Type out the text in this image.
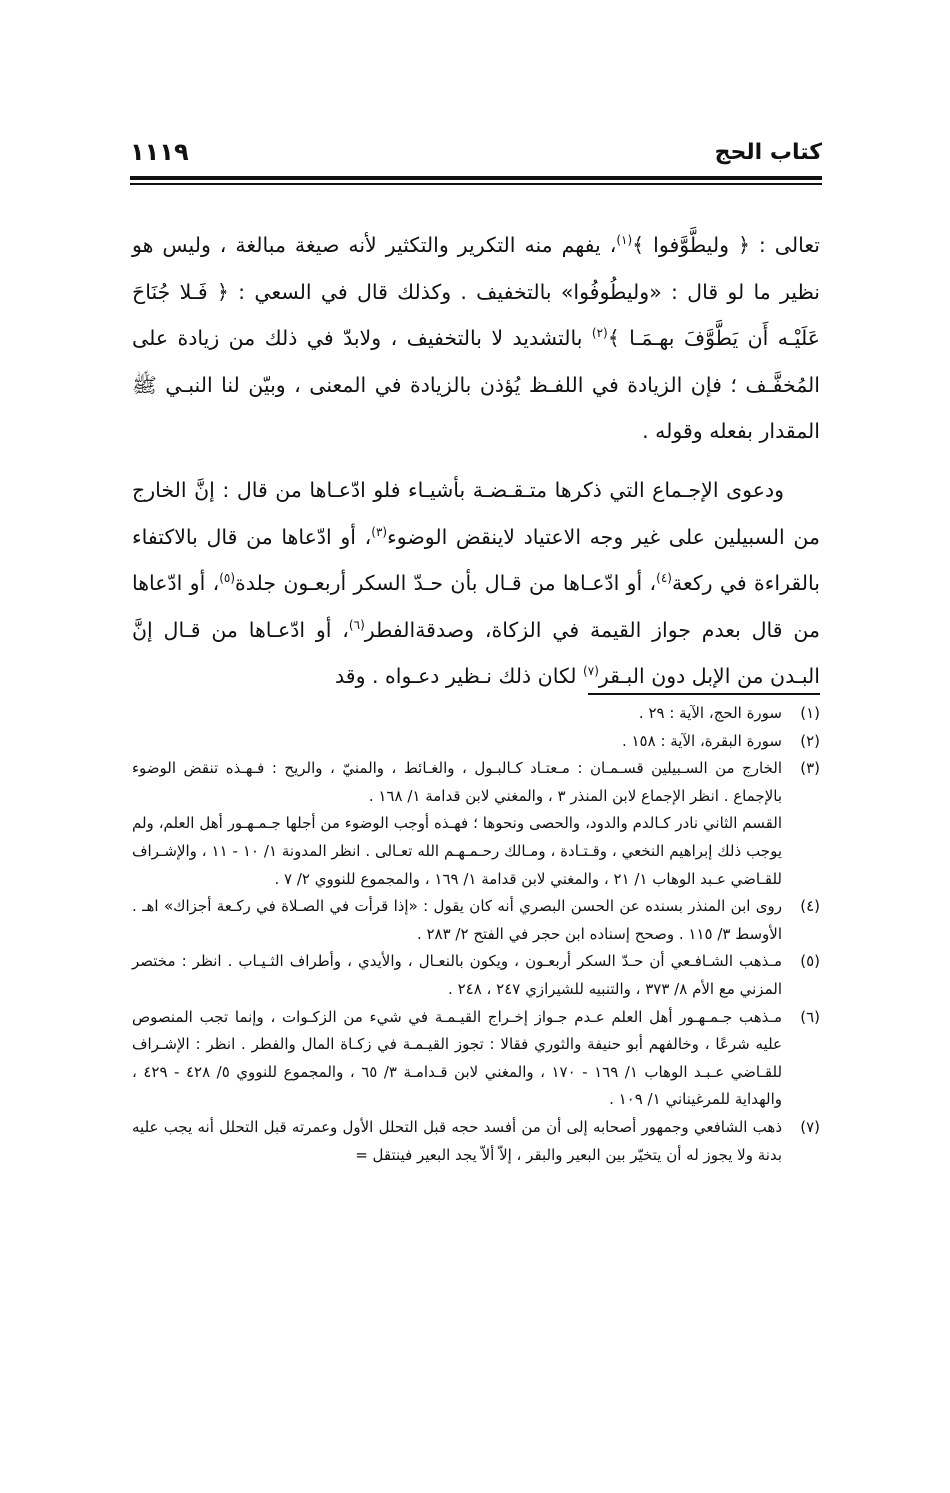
كتاب الحج
١١١٩

تعالى : ﴿ وليطَّوَّفوا ﴾$^{(١)}$، يفهم منه التكرير والتكثير لأنه صيغة مبالغة ، وليس هو نظير ما لو قال : «وليطُوفُوا» بالتخفيف . وكذلك قال في السعي : ﴿ فَـلا جُنَاحَ عَلَيْـه أَن يَطَّوَّفَ بهـمَـا ﴾$^{(٢)}$ بالتشديد لا بالتخفيف ، ولابدّ في ذلك من زيادة على المُخفَّـف ؛ فإن الزيادة في اللفـظ يُؤذن بالزيادة في المعنى ، وبيّن لنا النبـي ﷺ المقدار بفعله وقوله .

ودعوى الإجـماع التي ذكرها متـقـضـة بأشيـاء فلو ادّعـاها من قال : إنَّ الخارج من السبيلين على غير وجه الاعتياد لاينقض الوضوء$^{(٣)}$، أو ادّعاها من قال بالاكتفاء بالقراءة في ركعة$^{(٤)}$، أو ادّعـاها من قـال بأن حـدّ السكر أربعـون جلدة$^{(٥)}$، أو ادّعاها من قال بعدم جواز القيمة في الزكاة، وصدقةالفطر$^{(٦)}$، أو ادّعـاها من قـال إنَّ البـدن من الإبل دون البـقر$^{(٧)}$ لكان ذلك نـظير دعـواه . وقد

(١)

سورة الحج، الآية : ٢٩ .

(٢)

سورة البقرة، الآية : ١٥٨ .

(٣)

الخارج من السـبيلين قسـمـان : مـعتـاد كـالبـول ، والغـائط ، والمنيّ ، والريح : فـهـذه تنقض الوضوء بالإجماع . انظر الإجماع لابن المنذر ٣ ، والمغني لابن قدامة ١/ ١٦٨ .

القسم الثاني نادر كـالدم والدود، والحصى ونحوها ؛ فهـذه أوجب الوضوء من أجلها جـمـهـور أهل العلم، ولم يوجب ذلك إبراهيم النخعي ، وقـتـادة ، ومـالك رحـمـهـم الله تعـالى . انظر المدونة ١/ ١٠ - ١١ ، والإشـراف للقـاضي عـبد الوهاب ١/ ٢١ ، والمغني لابن قدامة ١/ ١٦٩ ، والمجموع للنووي ٢/ ٧ .

(٤)

روى ابن المنذر بسنده عن الحسن البصري أنه كان يقول : «إذا قرأت في الصـلاة في ركـعة أجزاك» اهـ . الأوسط ٣/ ١١٥ . وصحح إسناده ابن حجر في الفتح ٢/ ٢٨٣ .

(٥)

مـذهب الشـافـعي أن حـدّ السكر أربعـون ، ويكون بالنعـال ، والأيدي ، وأطراف الثـيـاب . انظر : مختصر المزني مع الأم ٨/ ٣٧٣ ، والتنبيه للشيرازي ٢٤٧ ، ٢٤٨ .

(٦)

مـذهب جـمـهـور أهل العلم عـدم جـواز إخـراج القيـمـة في شيء من الزكـوات ، وإنما تجب المنصوص عليه شرعًا ، وخالفهم أبو حنيفة والثوري فقالا : تجوز القيـمـة في زكـاة المال والفطر . انظر : الإشـراف للقـاضي عـبـد الوهاب ١/ ١٦٩ - ١٧٠ ، والمغني لابن قـدامـة ٣/ ٦٥ ، والمجموع للنووي ٥/ ٤٢٨ - ٤٢٩ ، والهداية للمرغيناني ١/ ١٠٩ .

(٧)

ذهب الشافعي وجمهور أصحابه إلى أن من أفسد حجه قبل التحلل الأول وعمرته قبل التحلل أنه يجب عليه بدنة ولا يجوز له أن يتخيّر بين البعير والبقر ، إلاّ ألاّ يجد البعير فينتقل =
